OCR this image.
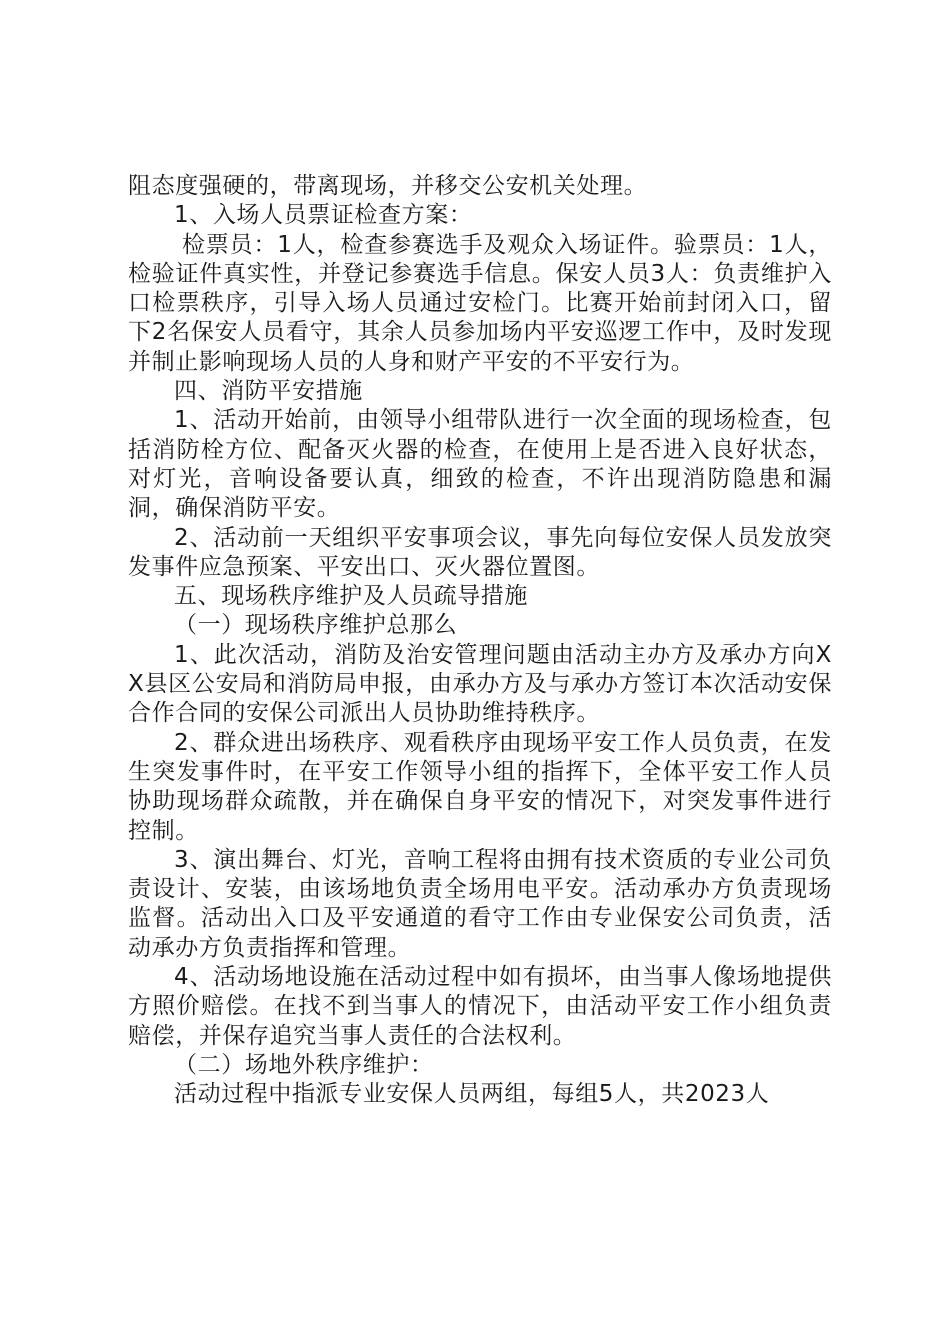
阻态度强硬的，带离现场，并移交公安机关处理。

1、入场人员票证检查方案：

检票员：1人，检查参赛选手及观众入场证件。验票员：1人，检验证件真实性，并登记参赛选手信息。保安人员3人：负责维护入口检票秩序，引导入场人员通过安检门。比赛开始前封闭入口，留下2名保安人员看守，其余人员参加场内平安巡逻工作中，及时发现并制止影响现场人员的人身和财产平安的不平安行为。

四、消防平安措施

1、活动开始前，由领导小组带队进行一次全面的现场检查，包括消防栓方位、配备灭火器的检查，在使用上是否进入良好状态，对灯光，音响设备要认真，细致的检查，不许出现消防隐患和漏洞，确保消防平安。

2、活动前一天组织平安事项会议，事先向每位安保人员发放突发事件应急预案、平安出口、灭火器位置图。

五、现场秩序维护及人员疏导措施

（一）现场秩序维护总那么

1、此次活动，消防及治安管理问题由活动主办方及承办方向XX县区公安局和消防局申报，由承办方及与承办方签订本次活动安保合作合同的安保公司派出人员协助维持秩序。

2、群众进出场秩序、观看秩序由现场平安工作人员负责，在发生突发事件时，在平安工作领导小组的指挥下，全体平安工作人员协助现场群众疏散，并在确保自身平安的情况下，对突发事件进行控制。

3、演出舞台、灯光，音响工程将由拥有技术资质的专业公司负责设计、安装，由该场地负责全场用电平安。活动承办方负责现场监督。活动出入口及平安通道的看守工作由专业保安公司负责，活动承办方负责指挥和管理。

4、活动场地设施在活动过程中如有损坏，由当事人像场地提供方照价赔偿。在找不到当事人的情况下，由活动平安工作小组负责赔偿，并保存追究当事人责任的合法权利。

（二）场地外秩序维护：

活动过程中指派专业安保人员两组，每组5人，共2023人
